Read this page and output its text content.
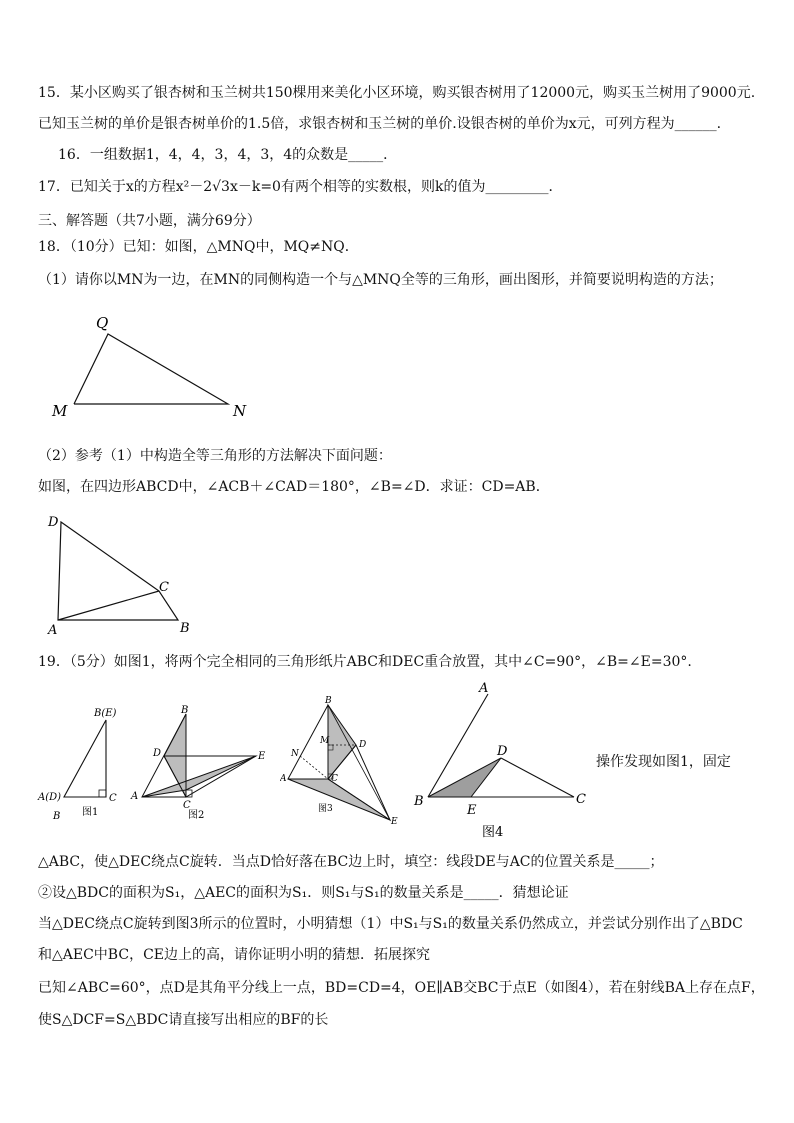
15．某小区购买了银杏树和玉兰树共150棵用来美化小区环境，购买银杏树用了12000元，购买玉兰树用了9000元.
已知玉兰树的单价是银杏树单价的1.5倍，求银杏树和玉兰树的单价.设银杏树的单价为x元，可列方程为______.
16．一组数据1，4，4，3，4，3，4的众数是_____．
17．已知关于x的方程x²－2√3x－k=0有两个相等的实数根，则k的值为_________．
三、解答题（共7小题，满分69分）
18．（10分）已知：如图，△MNQ中，MQ≠NQ．
（1）请你以MN为一边，在MN的同侧构造一个与△MNQ全等的三角形，画出图形，并简要说明构造的方法；
Q
M	N
（2）参考（1）中构造全等三角形的方法解决下面问题：
如图，在四边形ABCD中，∠ACB＋∠CAD＝180°，∠B=∠D．求证：CD=AB．
D
C
A	B
19．（5分）如图1，将两个完全相同的三角形纸片ABC和DEC重合放置，其中∠C=90°，∠B=∠E=30°.
B(E)
A(D)	C
B 图1
B
D	E
A
C
图2
B
M	D
N
A	C
E
图3
A
D
B
E
C
图4
操作发现如图1，固定
△ABC，使△DEC绕点C旋转．当点D恰好落在BC边上时，填空：线段DE与AC的位置关系是_____；
②设△BDC的面积为S₁，△AEC的面积为S₁．则S₁与S₁的数量关系是_____．猜想论证
当△DEC绕点C旋转到图3所示的位置时，小明猜想（1）中S₁与S₁的数量关系仍然成立，并尝试分别作出了△BDC
和△AEC中BC，CE边上的高，请你证明小明的猜想．拓展探究
已知∠ABC=60°，点D是其角平分线上一点，BD=CD=4，OE∥AB交BC于点E（如图4），若在射线BA上存在点F，
使S△DCF=S△BDC请直接写出相应的BF的长
